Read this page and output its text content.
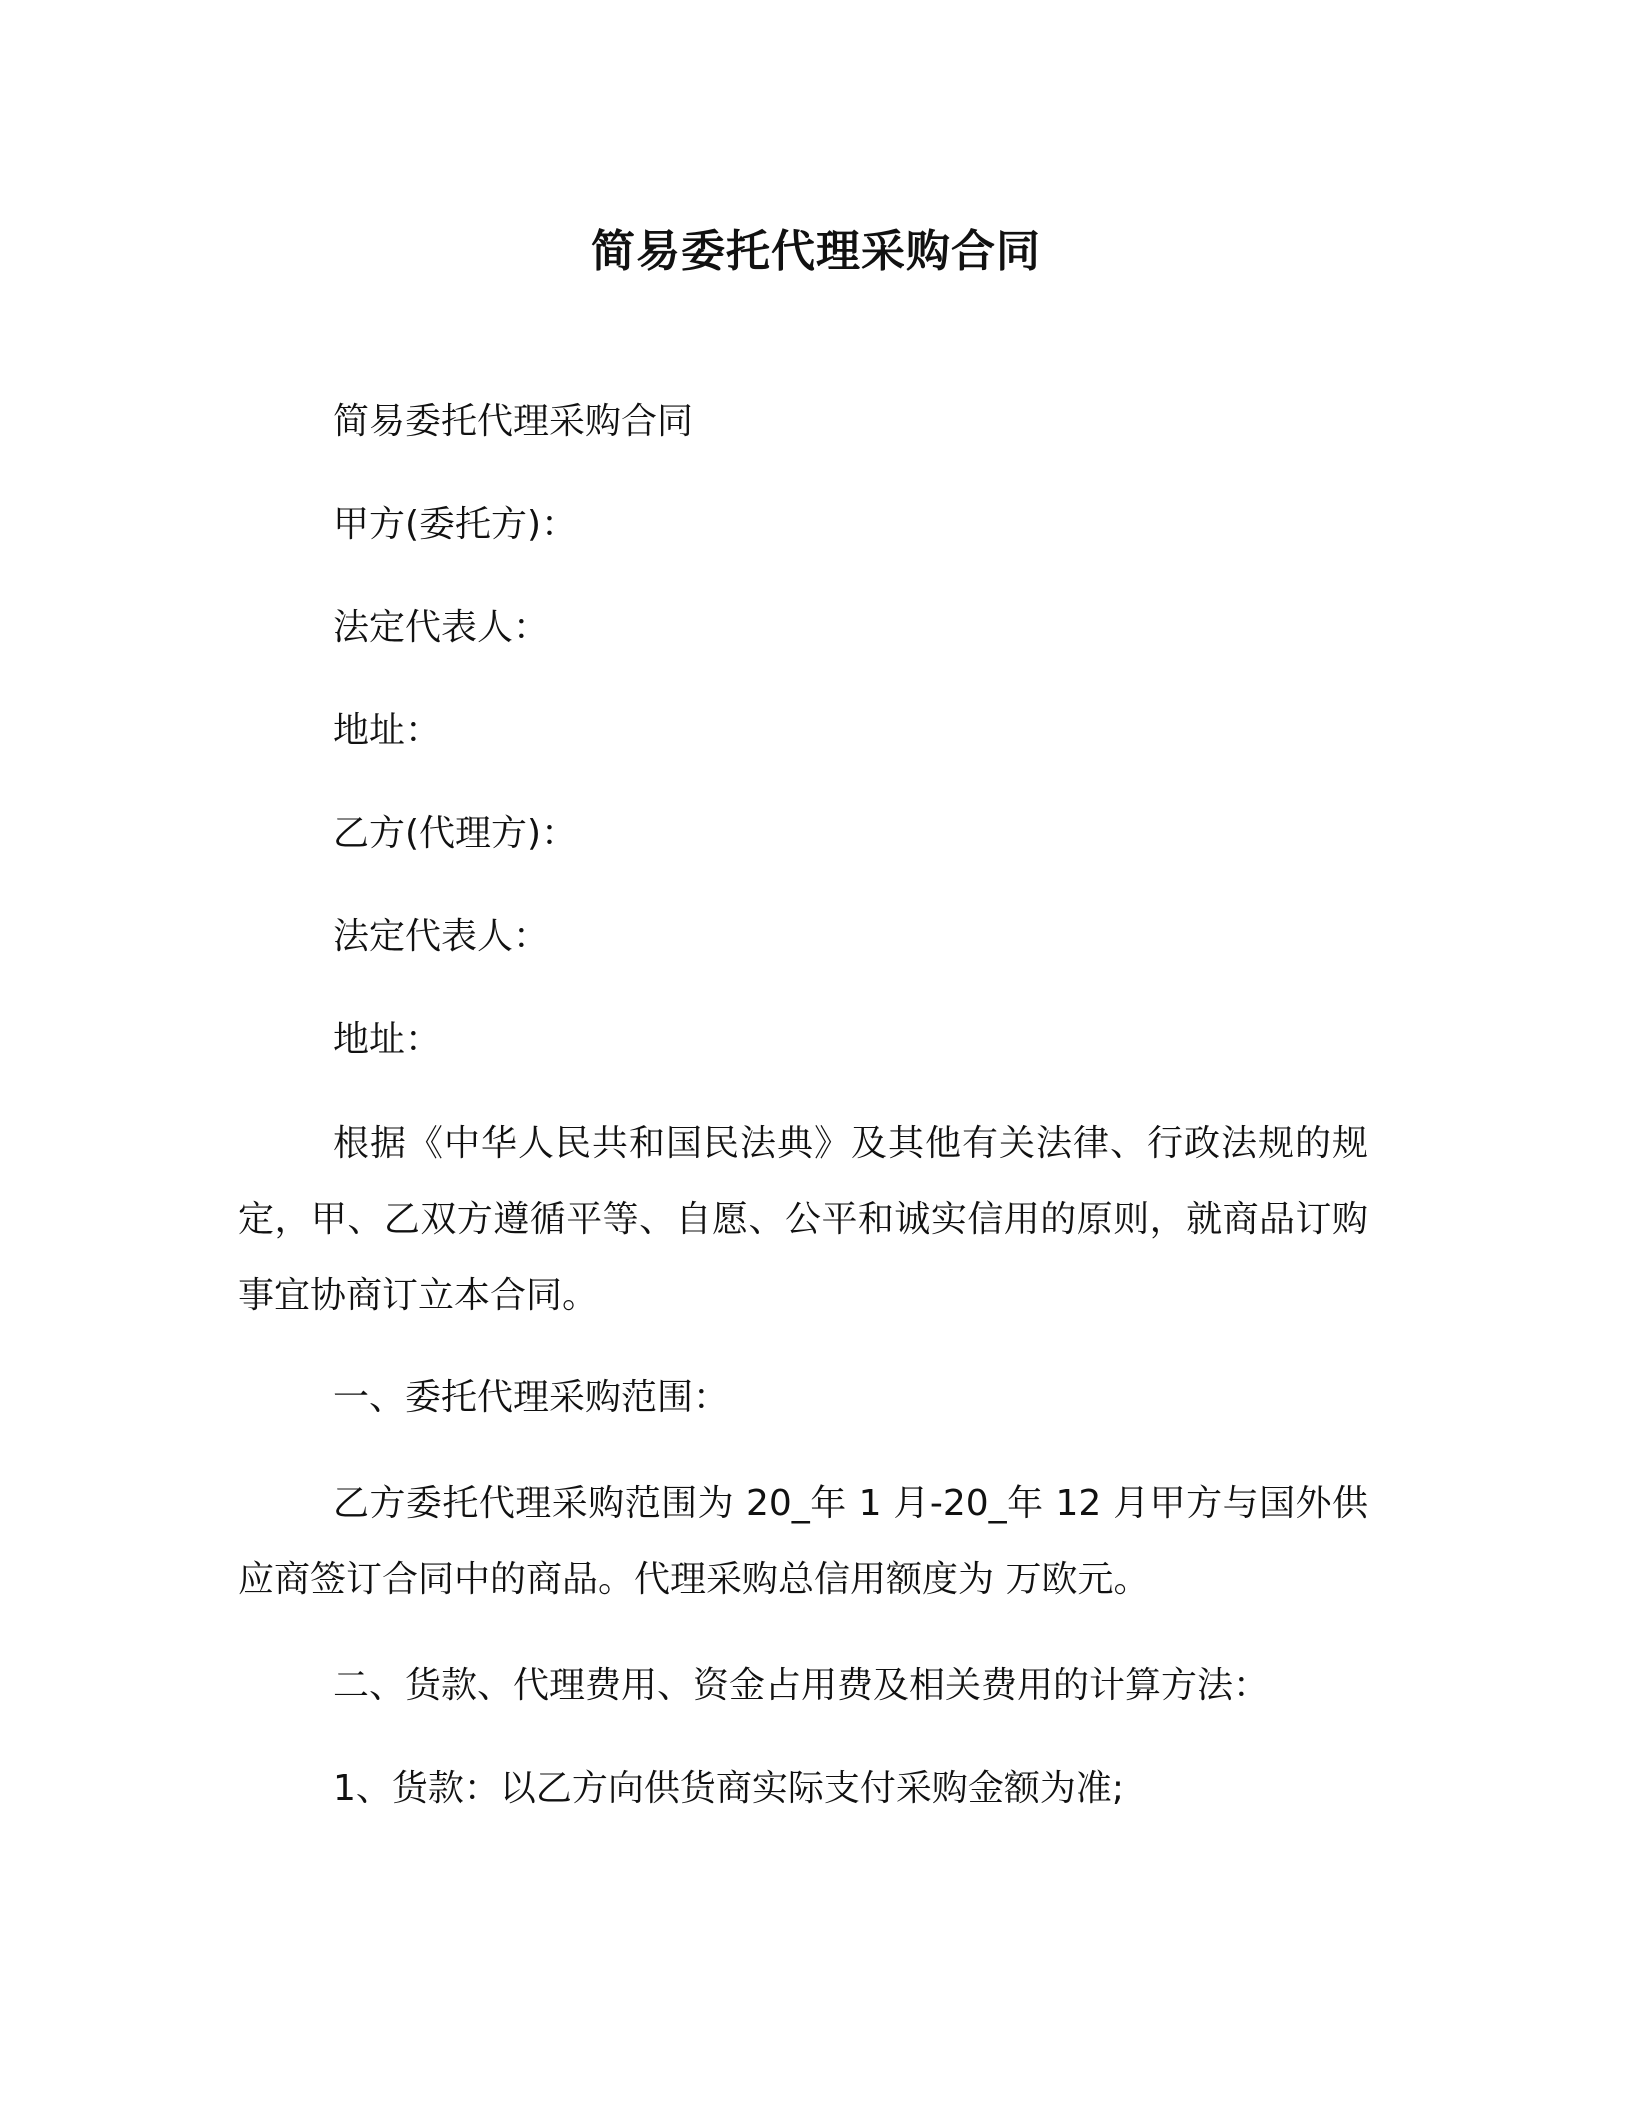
简易委托代理采购合同
简易委托代理采购合同
甲方(委托方)：
法定代表人：
地址：
乙方(代理方)：
法定代表人：
地址：
根据《中华人民共和国民法典》及其他有关法律、行政法规的规定，甲、乙双方遵循平等、自愿、公平和诚实信用的原则，就商品订购事宜协商订立本合同。
一、委托代理采购范围：
乙方委托代理采购范围为 20_年 1 月-20_年 12 月甲方与国外供应商签订合同中的商品。代理采购总信用额度为 万欧元。
二、货款、代理费用、资金占用费及相关费用的计算方法：
1、货款：以乙方向供货商实际支付采购金额为准;
